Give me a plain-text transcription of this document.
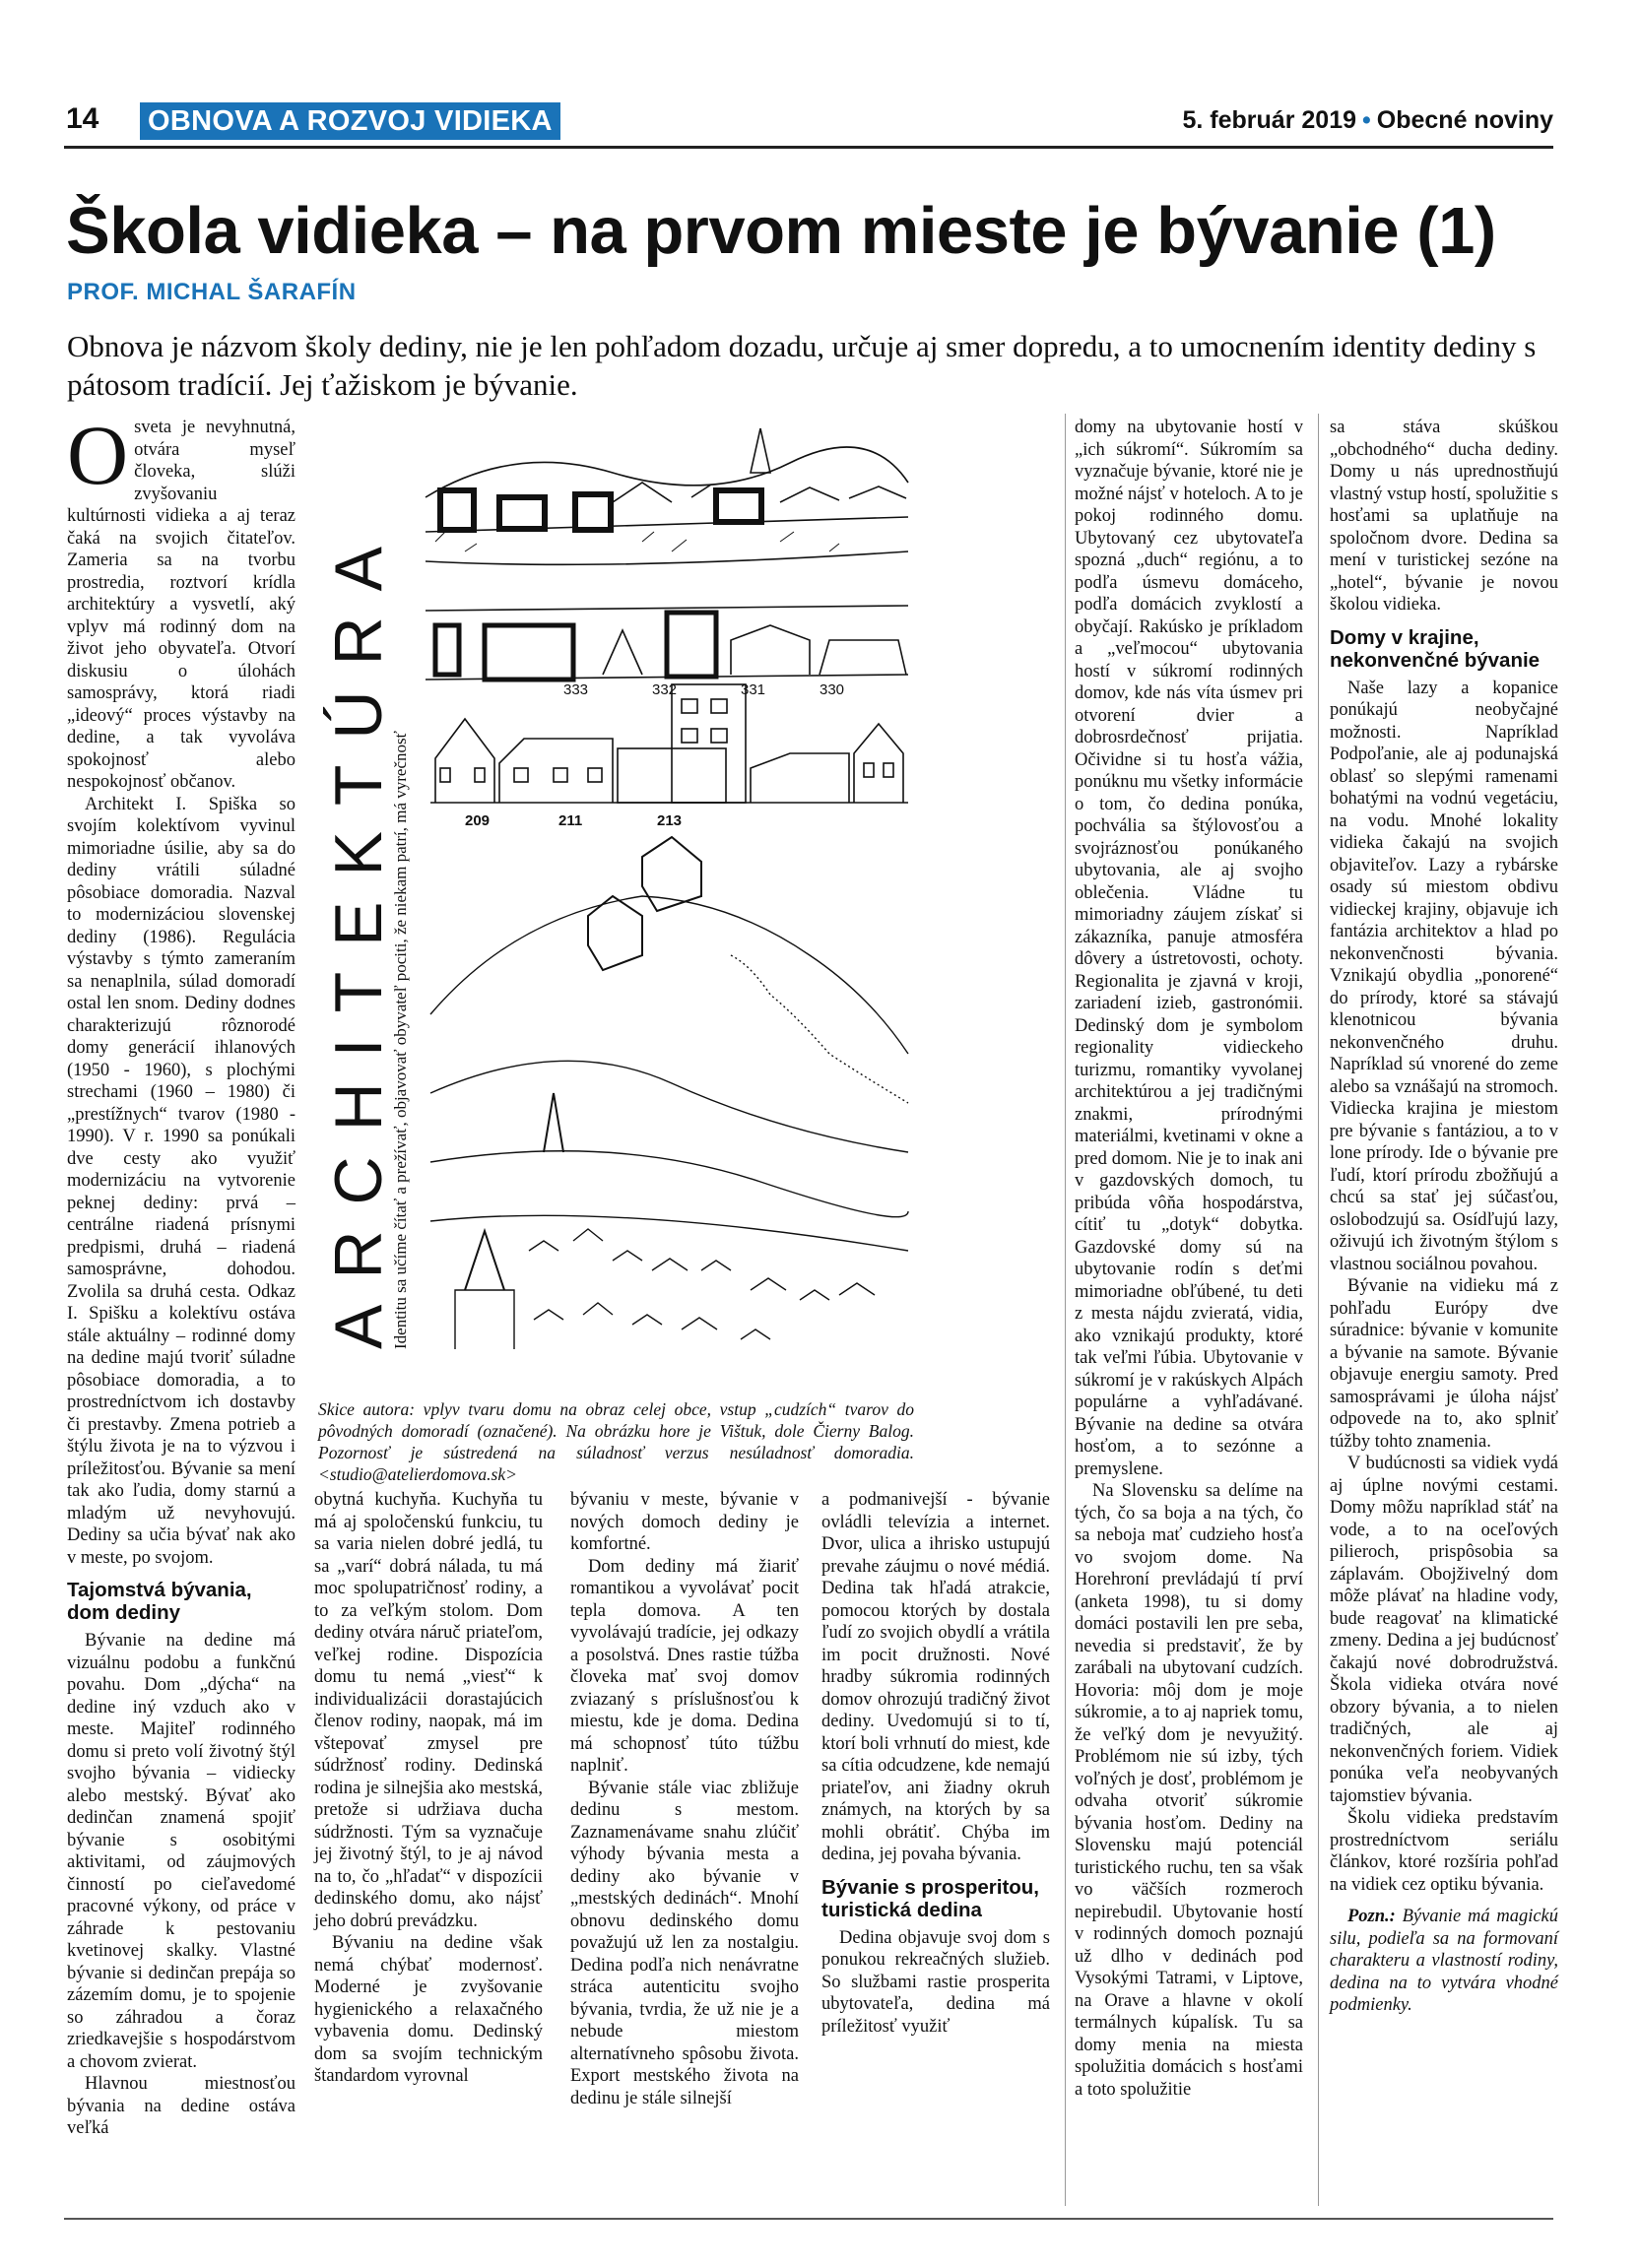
14 OBNOVA A ROZVOJ VIDIEKA	5. február 2019 • Obecné noviny
Škola vidieka – na prvom mieste je bývanie (1)
PROF. MICHAL ŠARAFÍN
Obnova je názvom školy dediny, nie je len pohľadom dozadu, určuje aj smer dopredu, a to umocnením identity dediny s pátosom tradícií. Jej ťažiskom je bývanie.

Osveta je nevyhnutná, otvára myseľ človeka, slúži zvyšovaniu kultúrnosti vidieka a aj teraz čaká na svojich čitateľov. Zameria sa na tvorbu prostredia, roztvorí krídla architektúry a vysvetlí, aký vplyv má rodinný dom na život jeho obyvateľa. Otvorí diskusiu o úlohách samosprávy, ktorá riadi „ideový“ proces výstavby na dedine, a tak vyvoláva spokojnosť alebo nespokojnosť občanov.

Architekt I. Spiška so svojím kolektívom vyvinul mimoriadne úsilie, aby sa do dediny vrátili súladné pôsobiace domoradia. Nazval to modernizáciou slovenskej dediny (1986). Regulácia výstavby s týmto zameraním sa nenaplnila, súlad domoradí ostal len snom. Dediny dodnes charakterizujú rôznorodé domy generácií ihlanových (1950 - 1960), s plochými strechami (1960 – 1980) či „prestížnych“ tvarov (1980 - 1990). V r. 1990 sa ponúkali dve cesty ako využiť modernizáciu na vytvorenie peknej dediny: prvá – centrálne riadená prísnymi predpismi, druhá – riadená samosprávne, dohodou. Zvolila sa druhá cesta. Odkaz I. Spišku a kolektívu ostáva stále aktuálny – rodinné domy na dedine majú tvoriť súladne pôsobiace domoradia, a to prostredníctvom ich dostavby či prestavby. Zmena potrieb a štýlu života je na to výzvou i príležitosťou. Bývanie sa mení tak ako ľudia, domy starnú a mladým už nevyhovujú. Dediny sa učia bývať nak ako v meste, po svojom.

Tajomstvá bývania, dom dediny

Bývanie na dedine má vizuálnu podobu a funkčnú povahu. Dom „dýcha“ na dedine iný vzduch ako v meste. Majiteľ rodinného domu si preto volí životný štýl svojho bývania – vidiecky alebo mestský. Bývať ako dedinčan znamená spojiť bývanie s osobitými aktivitami, od záujmových činností po cieľavedomé pracovné výkony, od práce v záhrade k pestovaniu kvetinovej skalky. Vlastné bývanie si dedinčan prepája so zázemím domu, je to spojenie so záhradou a čoraz zriedkavejšie s hospodárstvom a chovom zvierat.

Hlavnou miestnosťou bývania na dedine ostáva veľká

ARCHITEKTÚRA
Identitu sa učíme čítať a prežívať, objavovať obyvateľ pociti, že niekam patrí, má vyrečnosť
333	332	331	330
209	211	213
Skice autora: vplyv tvaru domu na obraz celej obce, vstup „cudzích“ tvarov do pôvodných domoradí (označené). Na obrázku hore je Vištuk, dole Čierny Balog. Pozornosť je sústredená na súladnosť verzus nesúladnosť domoradia. <studio@atelierdomova.sk>

obytná kuchyňa. Kuchyňa tu má aj spoločenskú funkciu, tu sa varia nielen dobré jedlá, tu sa „varí“ dobrá nálada, tu má moc spolupatričnosť rodiny, a to za veľkým stolom. Dom dediny otvára náruč priateľom, veľkej rodine. Dispozícia domu tu nemá „viesť“ k individualizácii dorastajúcich členov rodiny, naopak, má im vštepovať zmysel pre súdržnosť rodiny. Dedinská rodina je silnejšia ako mestská, pretože si udržiava ducha súdržnosti. Tým sa vyznačuje jej životný štýl, to je aj návod na to, čo „hľadať“ v dispozícii dedinského domu, ako nájsť jeho dobrú prevádzku.

Bývaniu na dedine však nemá chýbať modernosť. Moderné je zvyšovanie hygienického a relaxačného vybavenia domu. Dedinský dom sa svojím technickým štandardom vyrovnal

bývaniu v meste, bývanie v nových domoch dediny je komfortné.

Dom dediny má žiariť romantikou a vyvolávať pocit tepla domova. A ten vyvolávajú tradície, jej odkazy a posolstvá. Dnes rastie túžba človeka mať svoj domov zviazaný s príslušnosťou k miestu, kde je doma. Dedina má schopnosť túto túžbu naplniť.

Bývanie stále viac zbližuje dedinu s mestom. Zaznamenávame snahu zlúčiť výhody bývania mesta a dediny ako bývanie v „mestských dedinách“. Mnohí obnovu dedinského domu považujú už len za nostalgiu. Dedina podľa nich nenávratne stráca autenticitu svojho bývania, tvrdia, že už nie je a nebude miestom alternatívneho spôsobu života. Export mestského života na dedinu je stále silnejší

a podmanivejší - bývanie ovládli televízia a internet. Dvor, ulica a ihrisko ustupujú prevahe záujmu o nové médiá. Dedina tak hľadá atrakcie, pomocou ktorých by dostala ľudí zo svojich obydlí a vrátila im pocit družnosti. Nové hradby súkromia rodinných domov ohrozujú tradičný život dediny. Uvedomujú si to tí, ktorí boli vrhnutí do miest, kde sa cítia odcudzene, kde nemajú priateľov, ani žiadny okruh známych, na ktorých by sa mohli obrátiť. Chýba im dedina, jej povaha bývania.

Bývanie s prosperitou, turistická dedina

Dedina objavuje svoj dom s ponukou rekreačných služieb. So službami rastie prosperita ubytovateľa, dedina má príležitosť využiť

domy na ubytovanie hostí v „ich súkromí“. Súkromím sa vyznačuje bývanie, ktoré nie je možné nájsť v hoteloch. A to je pokoj rodinného domu. Ubytovaný cez ubytovateľa spozná „duch“ regiónu, a to podľa úsmevu domáceho, podľa domácich zvyklostí a obyčají. Rakúsko je príkladom a „veľmocou“ ubytovania hostí v súkromí rodinných domov, kde nás víta úsmev pri otvorení dvier a dobrosrdečnosť prijatia. Očividne si tu hosťa vážia, ponúknu mu všetky informácie o tom, čo dedina ponúka, pochváliа sa štýlovosťou a svojráznosťou ponúkaného ubytovania, ale aj svojho oblečenia. Vládne tu mimoriadny záujem získať si zákazníka, panuje atmosféra dôvery a ústretovosti, ochoty. Regionalita je zjavná v kroji, zariadení izieb, gastronómii. Dedinský dom je symbolom regionality vidieckeho turizmu, romantiky vyvolanej architektúrou a jej tradičnými znakmi, prírodnými materiálmi, kvetinami v okne a pred domom. Nie je to inak ani v gazdovských domoch, tu pribúda vôňa hospodárstva, cítiť tu „dotyk“ dobytka. Gazdovské domy sú na ubytovanie rodín s deťmi mimoriadne obľúbené, tu deti z mesta nájdu zvieratá, vidia, ako vznikajú produkty, ktoré tak veľmi ľúbia. Ubytovanie v súkromí je v rakúskych Alpách populárne a vyhľadávané. Bývanie na dedine sa otvára hosťom, a to sezónne a premyslene.

Na Slovensku sa delíme na tých, čo sa boja a na tých, čo sa neboja mať cudzieho hosťa vo svojom dome. Na Horehroní prevládajú tí prví (anketa 1998), tu si domy domáci postavili len pre seba, nevedia si predstaviť, že by zarábali na ubytovaní cudzích. Hovoria: môj dom je moje súkromie, a to aj napriek tomu, že veľký dom je nevyužitý. Problémom nie sú izby, tých voľných je dosť, problémom je odvaha otvoriť súkromie bývania hosťom. Dediny na Slovensku majú potenciál turistického ruchu, ten sa však vo väčších rozmeroch nepirebudil. Ubytovanie hostí v rodinných domoch poznajú už dlho v dedinách pod Vysokými Tatrami, v Liptove, na Orave a hlavne v okolí termálnych kúpalísk. Tu sa domy menia na miesta spolužitia domácich s hosťami a toto spolužitie

sa stáva skúškou „obchodného“ ducha dediny. Domy u nás uprednostňujú vlastný vstup hostí, spolužitie s hosťami sa uplatňuje na spoločnom dvore. Dedina sa mení v turistickej sezóne na „hotel“, bývanie je novou školou vidieka.

Domy v krajine, nekonvenčné bývanie

Naše lazy a kopanice ponúkajú neobyčajné možnosti. Napríklad Podpoľanie, ale aj podunajská oblasť so slepými ramenami bohatými na vodnú vegetáciu, na vodu. Mnohé lokality vidieka čakajú na svojich objaviteľov. Lazy a rybárske osady sú miestom obdivu vidieckej krajiny, objavuje ich fantázia architektov a hlad po nekonvenčnosti bývania. Vznikajú obydlia „ponorené“ do prírody, ktoré sa stávajú klenotnicou bývania nekonvenčného druhu. Napríklad sú vnorené do zeme alebo sa vznášajú na stromoch. Vidiecka krajina je miestom pre bývanie s fantáziou, a to v lone prírody. Ide o bývanie pre ľudí, ktorí prírodu zbožňujú a chcú sa stať jej súčasťou, oslobodzujú sa. Osídľujú lazy, oživujú ich životným štýlom s vlastnou sociálnou povahou.

Bývanie na vidieku má z pohľadu Európy dve súradnice: bývanie v komunite a bývanie na samote. Bývanie objavuje energiu samoty. Pred samosprávami je úloha nájsť odpovede na to, ako splniť túžby tohto znamenia.

V budúcnosti sa vidiek vydá aj úplne novými cestami. Domy môžu napríklad stáť na vode, a to na oceľových pilieroch, prispôsobia sa záplavám. Obojživelný dom môže plávať na hladine vody, bude reagovať na klimatické zmeny. Dedina a jej budúcnosť čakajú nové dobrodružstvá. Škola vidieka otvára nové obzory bývania, a to nielen tradičných, ale aj nekonvenčných foriem. Vidiek ponúka veľa neobyvaných tajomstiev bývania.

Školu vidieka predstavím prostredníctvom seriálu článkov, ktoré rozšíria pohľad na vidiek cez optiku bývania.

Pozn.: Bývanie má magickú silu, podieľa sa na formovaní charakteru a vlastností rodiny, dedina na to vytvára vhodné podmienky.
